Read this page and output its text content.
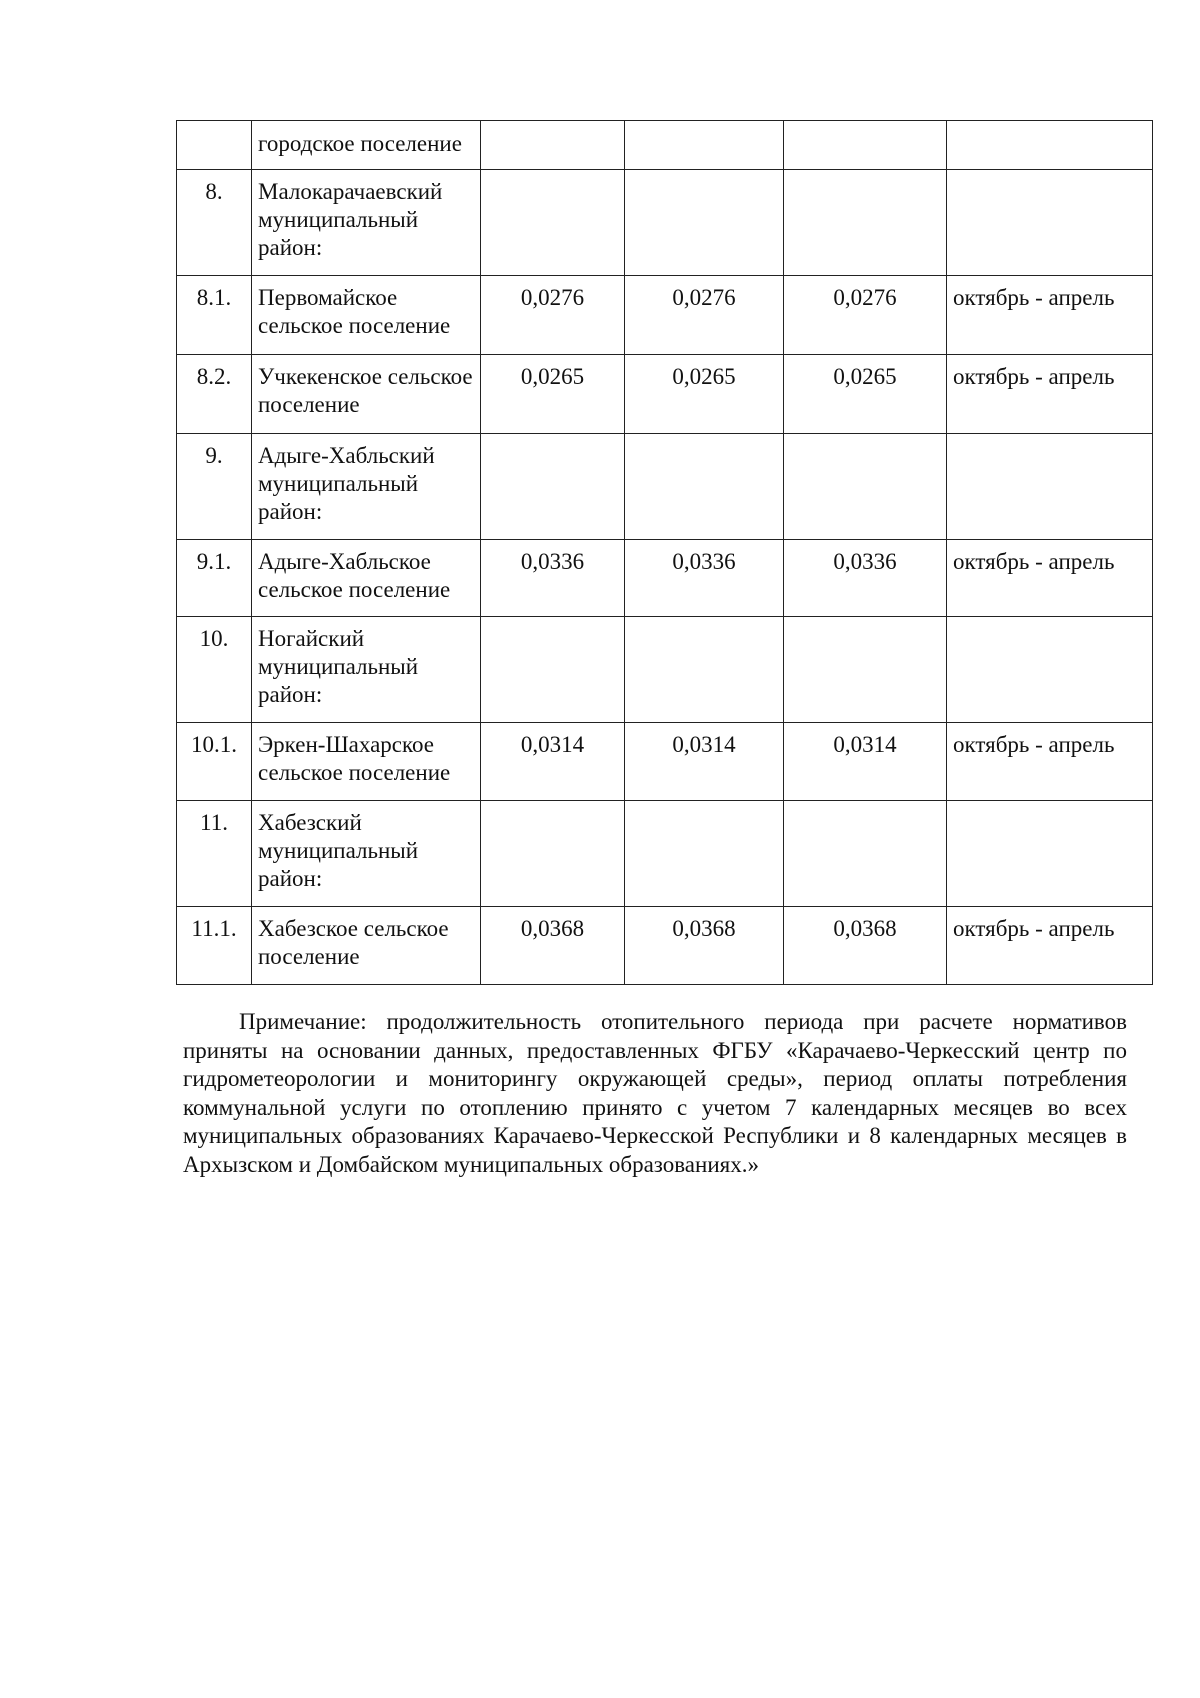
	городское поселение				
8.	Малокарачаевский муниципальный район:				
8.1.	Первомайское сельское поселение	0,0276	0,0276	0,0276	октябрь - апрель
8.2.	Учкекенское сельское поселение	0,0265	0,0265	0,0265	октябрь - апрель
9.	Адыге-Хабльский муниципальный район:				
9.1.	Адыге-Хабльское сельское поселение	0,0336	0,0336	0,0336	октябрь - апрель
10.	Ногайский муниципальный район:				
10.1.	Эркен-Шахарское сельское поселение	0,0314	0,0314	0,0314	октябрь - апрель
11.	Хабезский муниципальный район:				
11.1.	Хабезское сельское поселение	0,0368	0,0368	0,0368	октябрь - апрель

Примечание: продолжительность отопительного периода при расчете нормативов приняты на основании данных, предоставленных ФГБУ «Карачаево-Черкесский центр по гидрометеорологии и мониторингу окружающей среды», период оплаты потребления коммунальной услуги по отоплению принято с учетом 7 календарных месяцев во всех муниципальных образованиях Карачаево-Черкесской Республики и 8 календарных месяцев в Архызском и Домбайском муниципальных образованиях.»
